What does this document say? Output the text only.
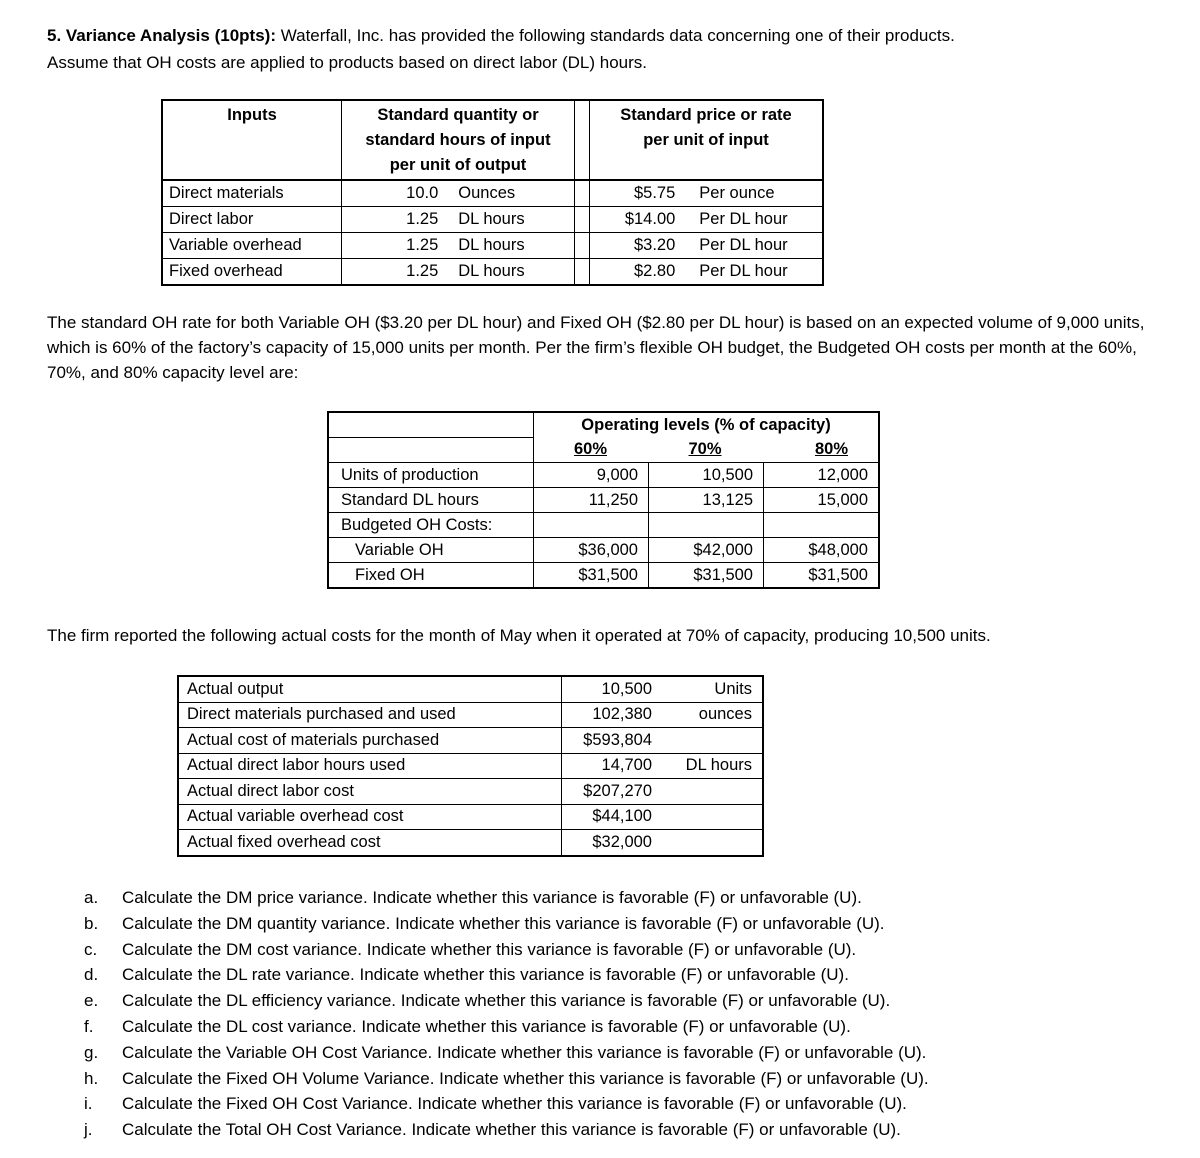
5. Variance Analysis (10pts): Waterfall, Inc. has provided the following standards data concerning one of their products.
Assume that OH costs are applied to products based on direct labor (DL) hours.
Inputs	Standard quantity or standard hours of input per unit of output			Standard price or rate per unit of input	
Direct materials	10.0	Ounces		$5.75	Per ounce
Direct labor	1.25	DL hours		$14.00	Per DL hour
Variable overhead	1.25	DL hours		$3.20	Per DL hour
Fixed overhead	1.25	DL hours		$2.80	Per DL hour
The standard OH rate for both Variable OH ($3.20 per DL hour) and Fixed OH ($2.80 per DL hour) is based on an expected volume of 9,000 units, which is 60% of the factory’s capacity of 15,000 units per month. Per the firm’s flexible OH budget, the Budgeted OH costs per month at the 60%, 70%, and 80% capacity level are:
	Operating levels (% of capacity)		
	60%	70%	80%
Units of production	9,000	10,500	12,000
Standard DL hours	11,250	13,125	15,000
Budgeted OH Costs:			
Variable OH	$36,000	$42,000	$48,000
Fixed OH	$31,500	$31,500	$31,500
The firm reported the following actual costs for the month of May when it operated at 70% of capacity, producing 10,500 units.
Actual output	10,500	Units
Direct materials purchased and used	102,380	ounces
Actual cost of materials purchased	$593,804	
Actual direct labor hours used	14,700	DL hours
Actual direct labor cost	$207,270	
Actual variable overhead cost	$44,100	
Actual fixed overhead cost	$32,000	
a.	Calculate the DM price variance. Indicate whether this variance is favorable (F) or unfavorable (U).
b.	Calculate the DM quantity variance. Indicate whether this variance is favorable (F) or unfavorable (U).
c.	Calculate the DM cost variance. Indicate whether this variance is favorable (F) or unfavorable (U).
d.	Calculate the DL rate variance. Indicate whether this variance is favorable (F) or unfavorable (U).
e.	Calculate the DL efficiency variance. Indicate whether this variance is favorable (F) or unfavorable (U).
f.	Calculate the DL cost variance. Indicate whether this variance is favorable (F) or unfavorable (U).
g.	Calculate the Variable OH Cost Variance. Indicate whether this variance is favorable (F) or unfavorable (U).
h.	Calculate the Fixed OH Volume Variance. Indicate whether this variance is favorable (F) or unfavorable (U).
i.	Calculate the Fixed OH Cost Variance. Indicate whether this variance is favorable (F) or unfavorable (U).
j.	Calculate the Total OH Cost Variance. Indicate whether this variance is favorable (F) or unfavorable (U).
